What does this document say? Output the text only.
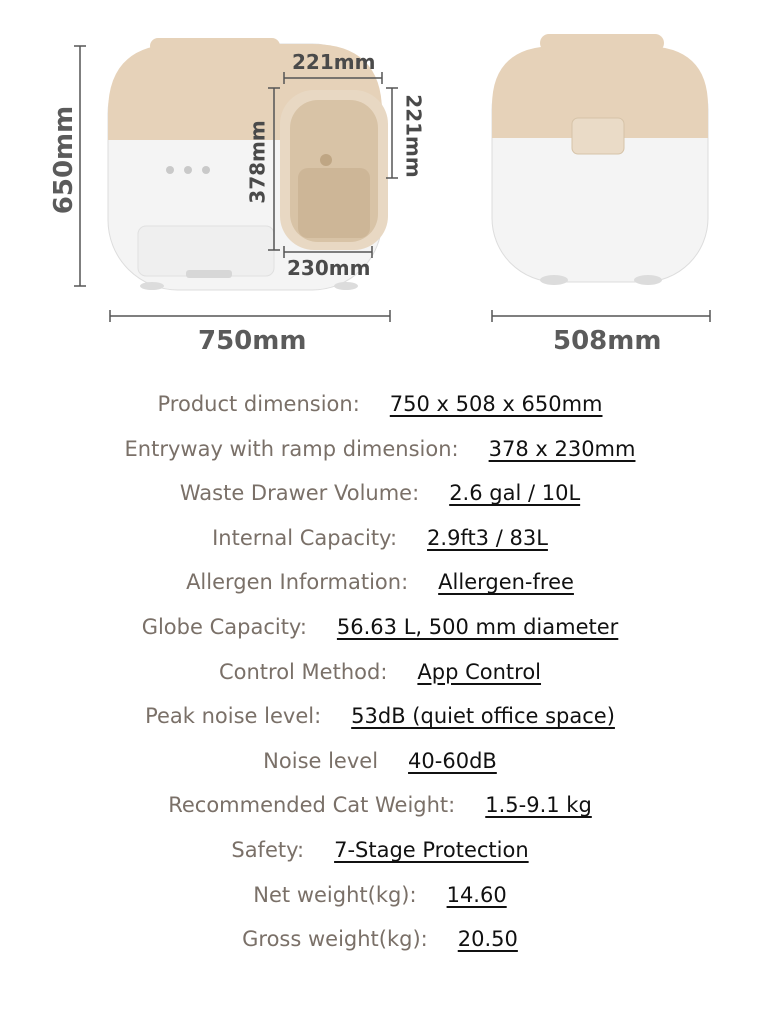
650mm
750mm	508mm
221mm
221mm
378mm
230mm
Product dimension: 750 x 508 x 650mm
Entryway with ramp dimension: 378 x 230mm
Waste Drawer Volume: 2.6 gal / 10L
Internal Capacity: 2.9ft3 / 83L
Allergen Information: Allergen-free
Globe Capacity: 56.63 L, 500 mm diameter
Control Method: App Control
Peak noise level: 53dB (quiet office space)
Noise level 40-60dB
Recommended Cat Weight: 1.5-9.1 kg
Safety: 7-Stage Protection
Net weight(kg): 14.60
Gross weight(kg): 20.50
